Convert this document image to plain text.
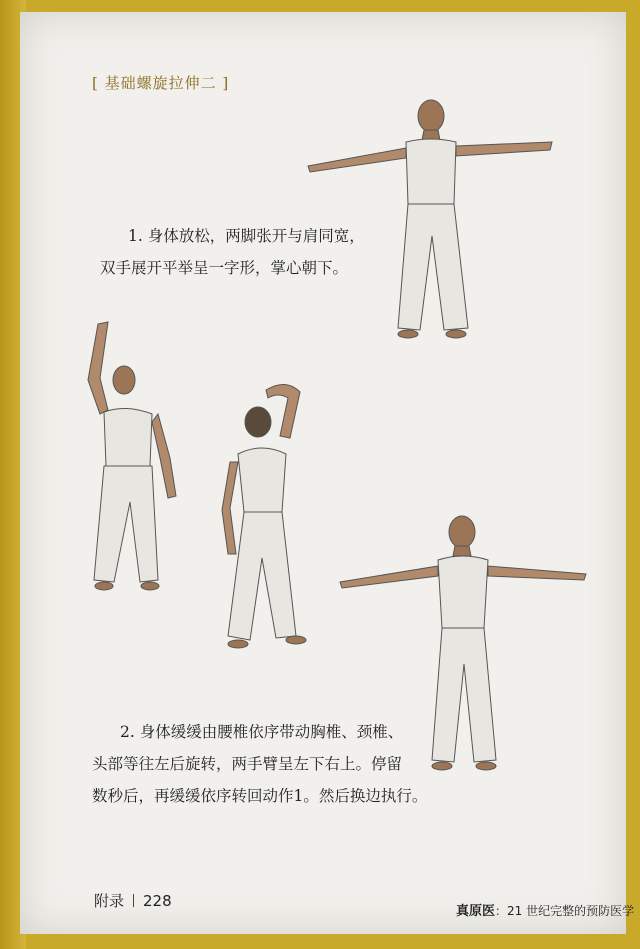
[ 基础螺旋拉伸二 ]
1. 身体放松，两脚张开与肩同宽，
双手展开平举呈一字形，掌心朝下。
2. 身体缓缓由腰椎依序带动胸椎、颈椎、
头部等往左后旋转，两手臂呈左下右上。停留
数秒后，再缓缓依序转回动作1。然后换边执行。
附录 228
真原医：21 世纪完整的预防医学
